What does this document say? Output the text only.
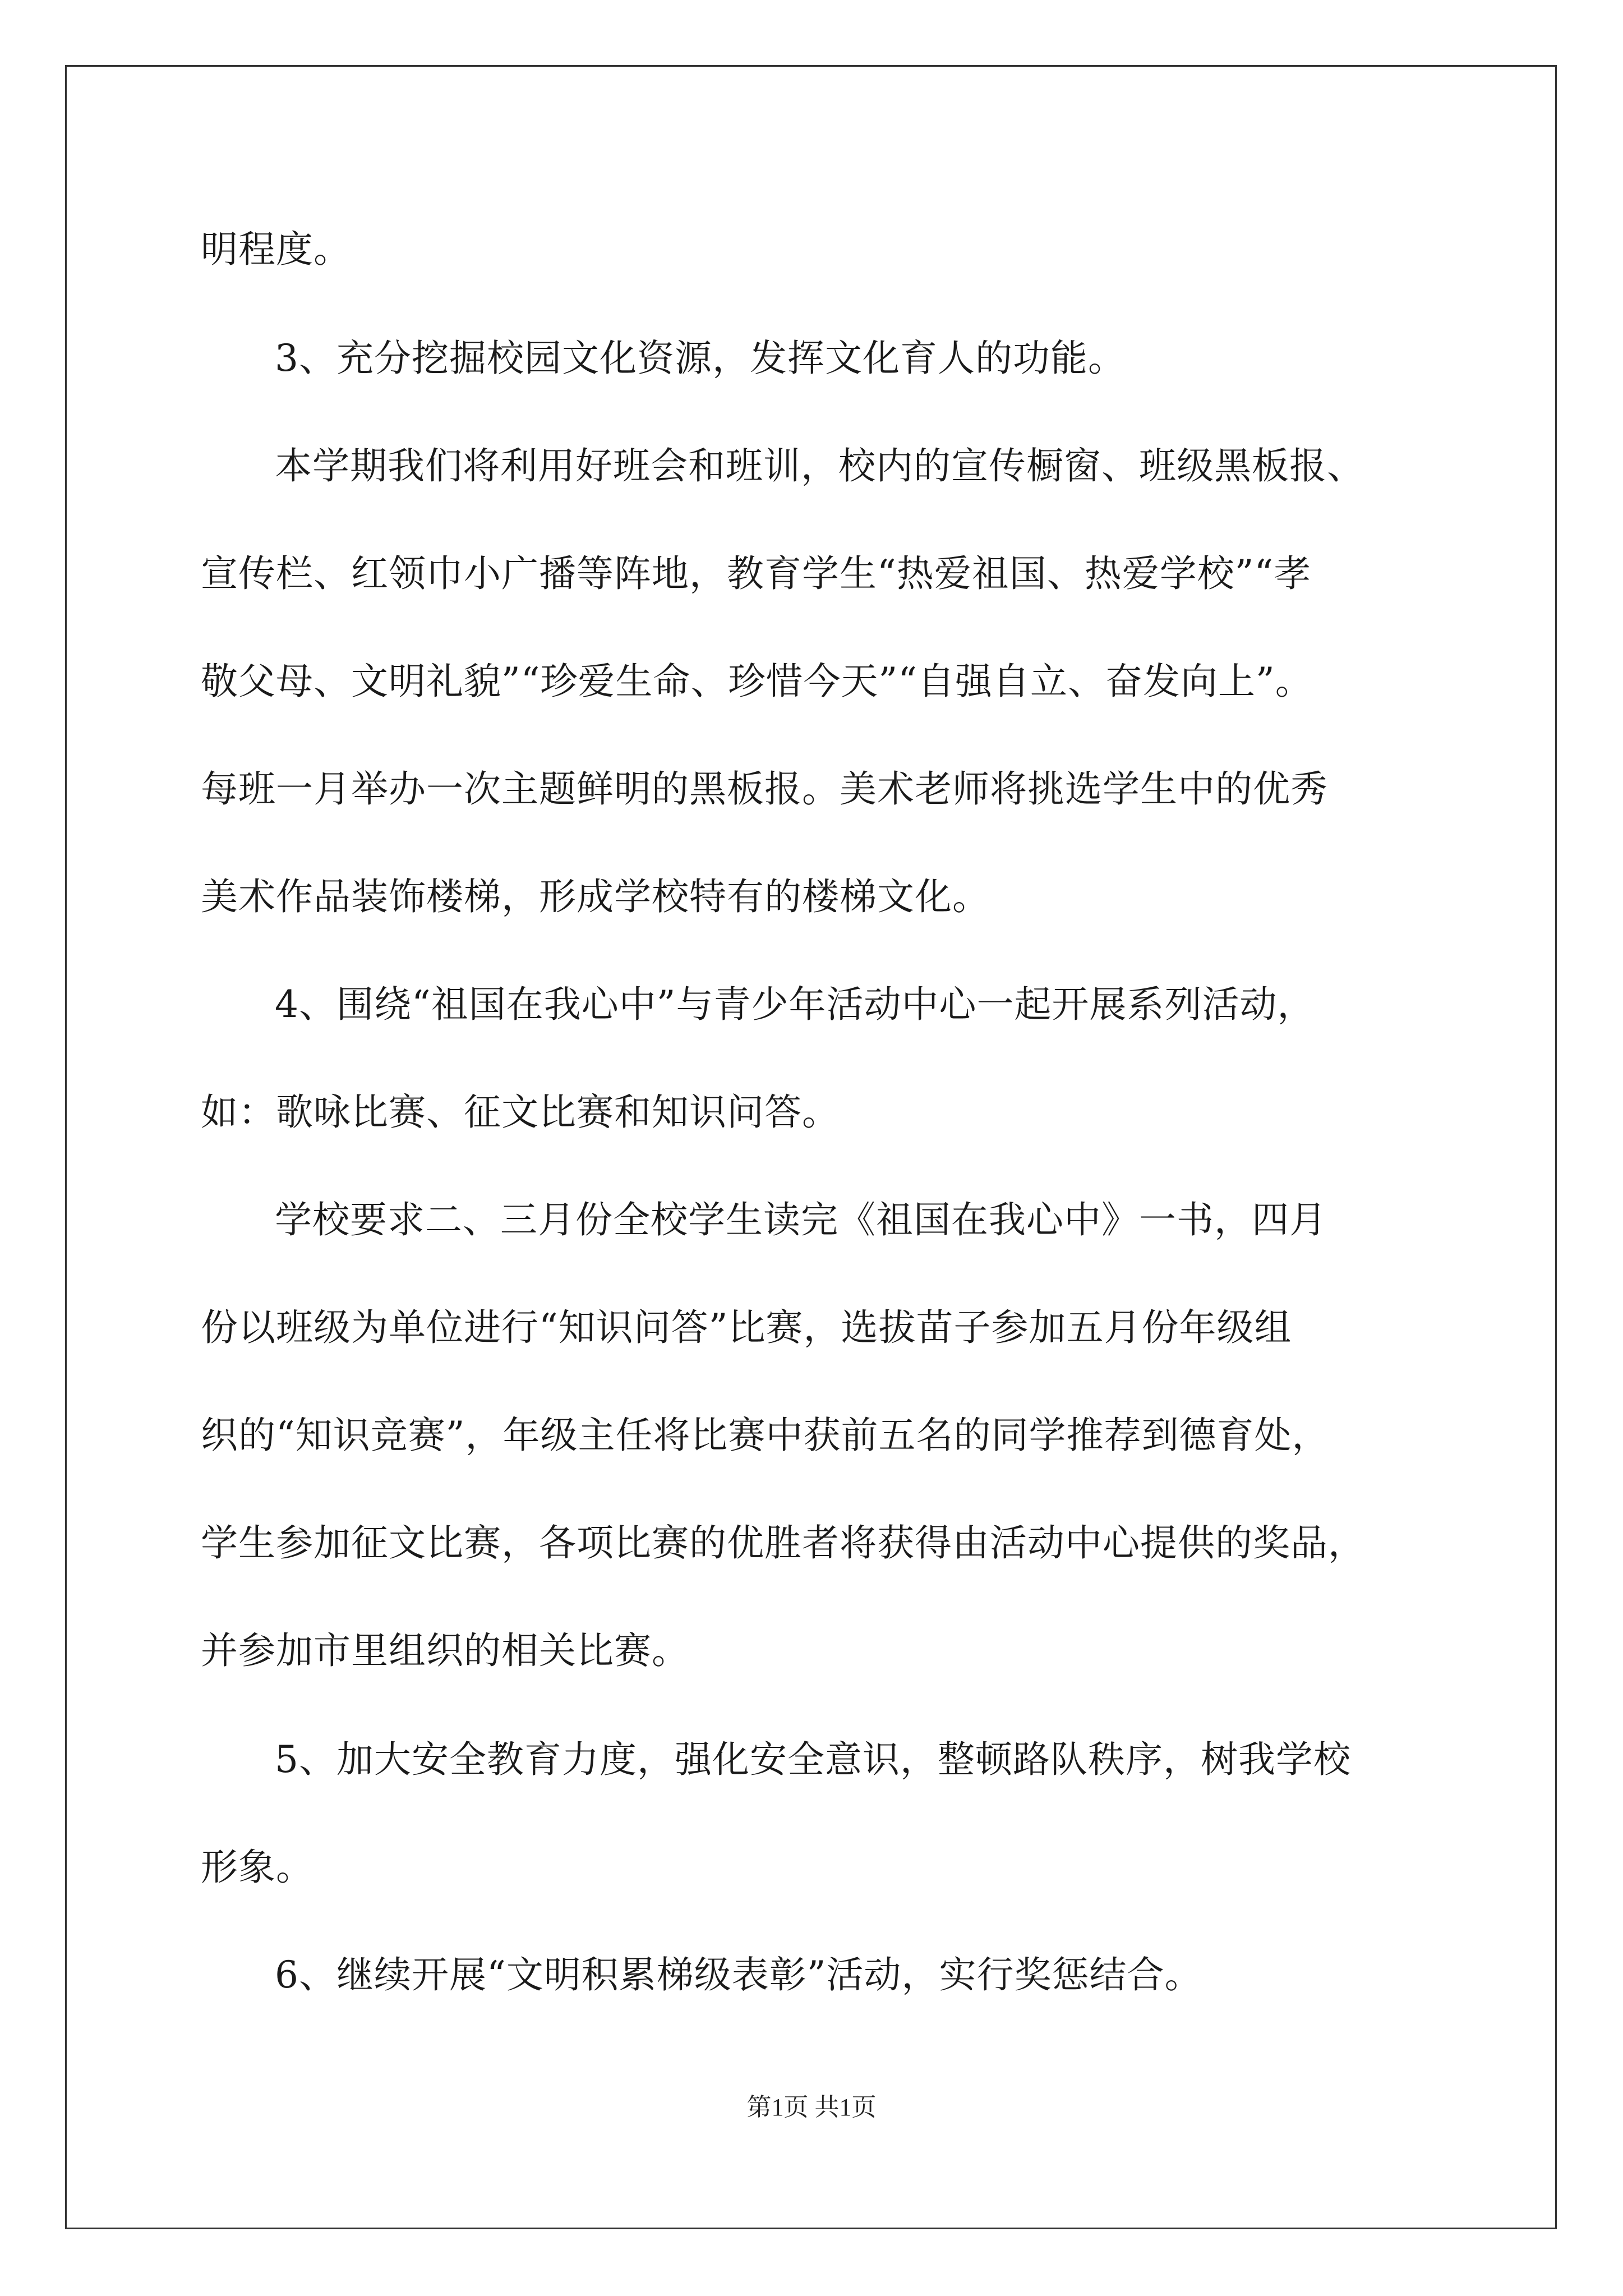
明程度。
3、充分挖掘校园文化资源，发挥文化育人的功能。
本学期我们将利用好班会和班训，校内的宣传橱窗、班级黑板报、
宣传栏、红领巾小广播等阵地，教育学生“热爱祖国、热爱学校”“孝
敬父母、文明礼貌”“珍爱生命、珍惜今天”“自强自立、奋发向上”。
每班一月举办一次主题鲜明的黑板报。美术老师将挑选学生中的优秀
美术作品装饰楼梯，形成学校特有的楼梯文化。
4、围绕“祖国在我心中”与青少年活动中心一起开展系列活动，
如：歌咏比赛、征文比赛和知识问答。
学校要求二、三月份全校学生读完《祖国在我心中》一书，四月
份以班级为单位进行“知识问答”比赛，选拔苗子参加五月份年级组
织的“知识竞赛”，年级主任将比赛中获前五名的同学推荐到德育处，
学生参加征文比赛，各项比赛的优胜者将获得由活动中心提供的奖品，
并参加市里组织的相关比赛。
5、加大安全教育力度，强化安全意识，整顿路队秩序，树我学校
形象。
6、继续开展“文明积累梯级表彰”活动，实行奖惩结合。
第1页 共1页
